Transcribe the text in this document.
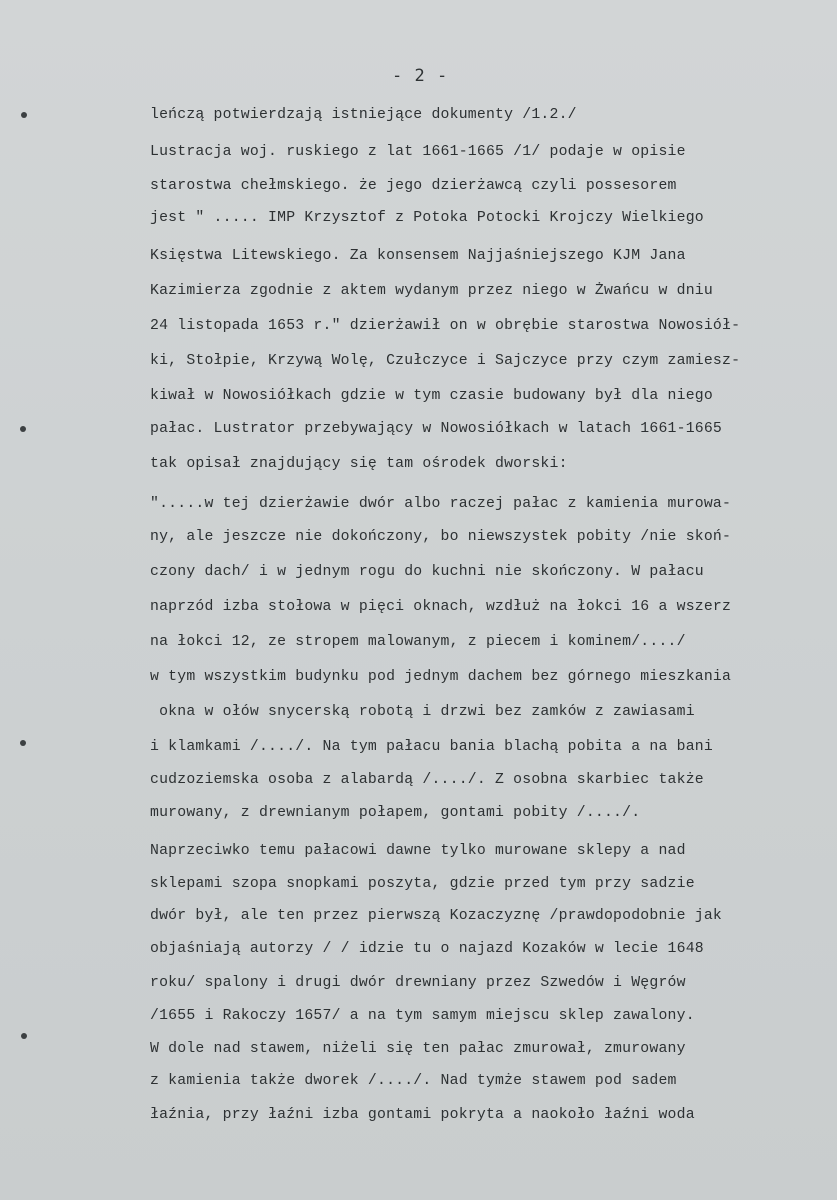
- 2 -
leńczą potwierdzają istniejące dokumenty /1.2./
Lustracja woj. ruskiego z lat 1661-1665 /1/ podaje w opisie
starostwa chełmskiego. że jego dzierżawcą czyli possesorem
jest " ..... IMP Krzysztof z Potoka Potocki Krojczy Wielkiego
Księstwa Litewskiego. Za konsensem Najjaśniejszego KJM Jana
Kazimierza zgodnie z aktem wydanym przez niego w Żwańcu w dniu
24 listopada 1653 r." dzierżawił on w obrębie starostwa Nowosiół-
ki, Stołpie, Krzywą Wolę, Czułczyce i Sajczyce przy czym zamiesz-
kiwał w Nowosiółkach gdzie w tym czasie budowany był dla niego
pałac. Lustrator przebywający w Nowosiółkach w latach 1661-1665
tak opisał znajdujący się tam ośrodek dworski:
".....w tej dzierżawie dwór albo raczej pałac z kamienia murowa-
ny, ale jeszcze nie dokończony, bo niewszystek pobity /nie skoń-
czony dach/ i w jednym rogu do kuchni nie skończony. W pałacu
naprzód izba stołowa w pięci oknach, wzdłuż na łokci 16 a wszerz
na łokci 12, ze stropem malowanym, z piecem i kominem/..../
w tym wszystkim budynku pod jednym dachem bez górnego mieszkania
okna w ołów snycerską robotą i drzwi bez zamków z zawiasami
i klamkami /..../. Na tym pałacu bania blachą pobita a na bani
cudzoziemska osoba z alabardą /..../. Z osobna skarbiec także
murowany, z drewnianym połapem, gontami pobity /..../.
Naprzeciwko temu pałacowi dawne tylko murowane sklepy a nad
sklepami szopa snopkami poszyta, gdzie przed tym przy sadzie
dwór był, ale ten przez pierwszą Kozaczyznę /prawdopodobnie jak
objaśniają autorzy / / idzie tu o najazd Kozaków w lecie 1648
roku/ spalony i drugi dwór drewniany przez Szwedów i Węgrów
/1655 i Rakoczy 1657/ a na tym samym miejscu sklep zawalony.
W dole nad stawem, niżeli się ten pałac zmurował, zmurowany
z kamienia także dworek /..../. Nad tymże stawem pod sadem
łaźnia, przy łaźni izba gontami pokryta a naokoło łaźni woda
